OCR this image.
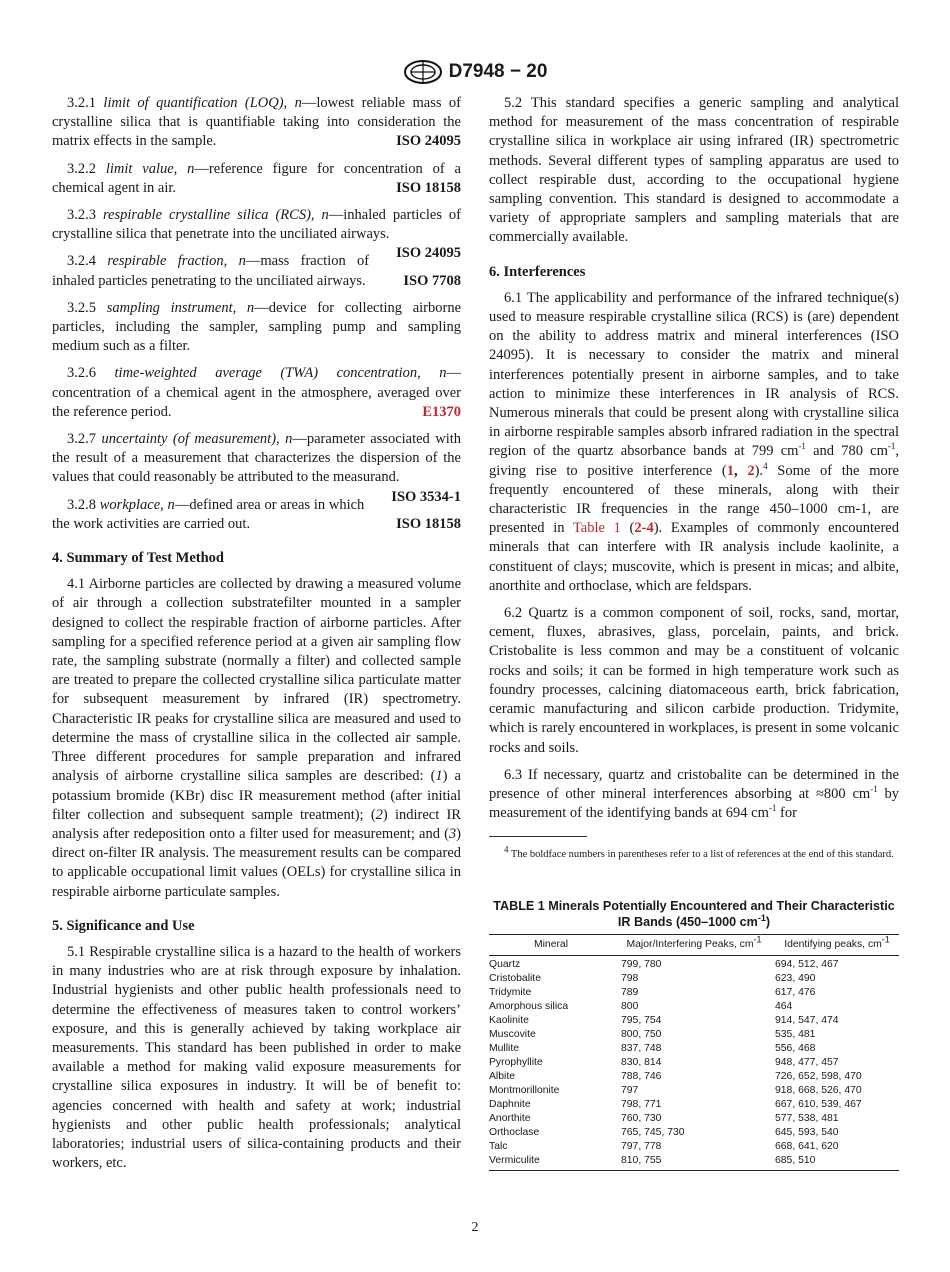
D7948 − 20

3.2.1 limit of quantification (LOQ), n—lowest reliable mass of crystalline silica that is quantifiable taking into consideration the matrix effects in the sample.	ISO 24095

3.2.2 limit value, n—reference figure for concentration of a chemical agent in air.	ISO 18158

3.2.3 respirable crystalline silica (RCS), n—inhaled particles of crystalline silica that penetrate into the unciliated airways.
ISO 24095

3.2.4 respirable fraction, n—mass fraction of inhaled particles penetrating to the unciliated airways.	ISO 7708

3.2.5 sampling instrument, n—device for collecting airborne particles, including the sampler, sampling pump and sampling medium such as a filter.

3.2.6 time-weighted average (TWA) concentration, n—concentration of a chemical agent in the atmosphere, averaged over the reference period.	E1370

3.2.7 uncertainty (of measurement), n—parameter associated with the result of a measurement that characterizes the dispersion of the values that could reasonably be attributed to the measurand.
ISO 3534-1

3.2.8 workplace, n—defined area or areas in which the work activities are carried out.	ISO 18158

4. Summary of Test Method

4.1 Airborne particles are collected by drawing a measured volume of air through a collection substratefilter mounted in a sampler designed to collect the respirable fraction of airborne particles. After sampling for a specified reference period at a given air sampling flow rate, the sampling substrate (normally a filter) and collected sample are treated to prepare the collected crystalline silica particulate matter for subsequent measurement by infrared (IR) spectrometry. Characteristic IR peaks for crystalline silica are measured and used to determine the mass of crystalline silica in the collected air sample. Three different procedures for sample preparation and infrared analysis of airborne crystalline silica samples are described: (1) a potassium bromide (KBr) disc IR measurement method (after initial filter collection and subsequent sample treatment); (2) indirect IR analysis after redeposition onto a filter used for measurement; and (3) direct on-filter IR analysis. The measurement results can be compared to applicable occupational limit values (OELs) for crystalline silica in respirable airborne particulate samples.

5. Significance and Use

5.1 Respirable crystalline silica is a hazard to the health of workers in many industries who are at risk through exposure by inhalation. Industrial hygienists and other public health professionals need to determine the effectiveness of measures taken to control workers’ exposure, and this is generally achieved by taking workplace air measurements. This standard has been published in order to make available a method for making valid exposure measurements for crystalline silica exposures in industry. It will be of benefit to: agencies concerned with health and safety at work; industrial hygienists and other public health professionals; analytical laboratories; industrial users of silica-containing products and their workers, etc.

5.2 This standard specifies a generic sampling and analytical method for measurement of the mass concentration of respirable crystalline silica in workplace air using infrared (IR) spectrometric methods. Several different types of sampling apparatus are used to collect respirable dust, according to the occupational hygiene sampling convention. This standard is designed to accommodate a variety of appropriate samplers and sampling materials that are commercially available.

6. Interferences

6.1 The applicability and performance of the infrared technique(s) used to measure respirable crystalline silica (RCS) is (are) dependent on the ability to address matrix and mineral interferences (ISO 24095). It is necessary to consider the matrix and mineral interferences potentially present in airborne samples, and to take action to minimize these interferences in IR analysis of RCS. Numerous minerals that could be present along with crystalline silica in airborne respirable samples absorb infrared radiation in the spectral region of the quartz absorbance bands at 799 $cm^{-1}$ and 780 $cm^{-1}$, giving rise to positive interference (1, 2).$^4$ Some of the more frequently encountered of these minerals, along with their characteristic IR frequencies in the range 450–1000 cm-1, are presented in Table 1 (2-4). Examples of commonly encountered minerals that can interfere with IR analysis include kaolinite, a constituent of clays; muscovite, which is present in micas; and albite, anorthite and orthoclase, which are feldspars.

6.2 Quartz is a common component of soil, rocks, sand, mortar, cement, fluxes, abrasives, glass, porcelain, paints, and brick. Cristobalite is less common and may be a constituent of volcanic rocks and soils; it can be formed in high temperature work such as foundry processes, calcining diatomaceous earth, brick fabrication, ceramic manufacturing and silicon carbide production. Tridymite, which is rarely encountered in workplaces, is present in some volcanic rocks and soils.

6.3 If necessary, quartz and cristobalite can be determined in the presence of other mineral interferences absorbing at ≈800 $cm^{-1}$ by measurement of the identifying bands at 694 $cm^{-1}$ for

$^4$ The boldface numbers in parentheses refer to a list of references at the end of this standard.

TABLE 1 Minerals Potentially Encountered and Their Characteristic IR Bands (450–1000 $cm^{-1}$)
Mineral	Major/Interfering Peaks, $cm^{-1}$	Identifying peaks, $cm^{-1}$
Quartz	799, 780	694, 512, 467
Cristobalite	798	623, 490
Tridymite	789	617, 476
Amorphous silica	800	464
Kaolinite	795, 754	914, 547, 474
Muscovite	800, 750	535, 481
Mullite	837, 748	556, 468
Pyrophyllite	830, 814	948, 477, 457
Albite	788, 746	726, 652, 598, 470
Montmorillonite	797	918, 668, 526, 470
Daphnite	798, 771	667, 610, 539, 467
Anorthite	760, 730	577, 538, 481
Orthoclase	765, 745, 730	645, 593, 540
Talc	797, 778	668, 641, 620
Vermiculite	810, 755	685, 510
2
